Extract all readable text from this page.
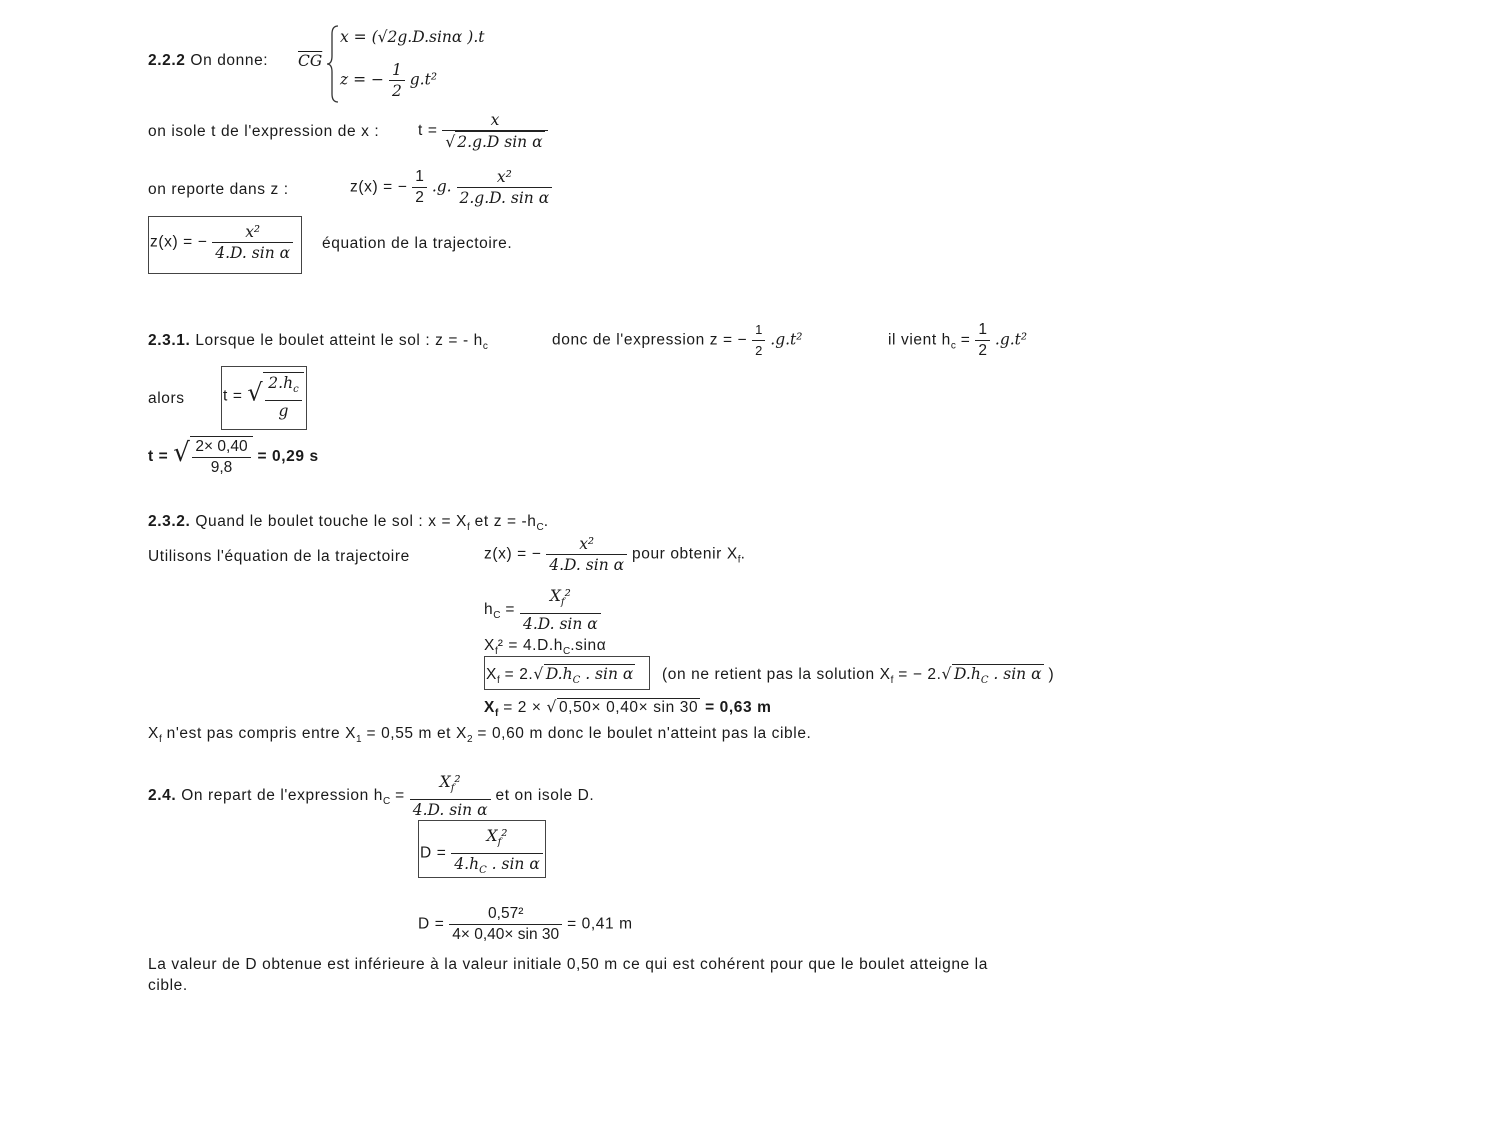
2.2.2 On donne: $\overline{CG}$
x = (√2g.D.sinα ).t
z = − $\frac{1}{2} g.t^2$
on isole t de l'expression de x : $t = \frac{x}{\text{√ 2.g.D sin α}}$
on reporte dans z :	z(x) = − $\frac{1}{2} .g$. $\frac{\text{x²}}{\text{2.g.D. sin α}}$
z(x) = − $\frac{\text{x²}}{\text{4.D. sin α}}$ équation de la trajectoire.
2.3.1. Lorsque le boulet atteint le sol : z = - $h_c$	donc de l'expression z = − $\frac{1}{2} .g.t^2$	il vient $h_c = \frac{1}{2} .g.t^2$
alors t = √ $\frac{2.h_c}{g}$
t = √ $\frac{2\times 0,40}{9,8} = 0,29$ s
2.3.2. Quand le boulet touche le sol : $x = X_f$ et $z = -h_C$.
Utilisons l'équation de la trajectoire	z(x) = − $\frac{\text{x²}}{\text{4.D. sin α}}$ pour obtenir $X_f$.
$h_C = \frac{X_f^2}{\text{4.D. sin α}}$
$X_f^2 = 4.D.h_C.\sin\alpha$
$X_f = 2.√$ $D.h_C$ . sin α (on ne retient pas la solution $X_f$ = − 2.√ $D.h_C$ . sin α )
$X_f = 2$ × √ 0,50× 0,40× sin 30 = 0,63 m
$X_f$ n'est pas compris entre $X_1 = 0,55$ m et $X_2 = 0,60$ m donc le boulet n'atteint pas la cible.
2.4. On repart de l'expression $h_C = \frac{X_f^2}{\text{4.D. sin α}}$ et on isole D.
$D = \frac{X_f^2}{4.h_C . \sin \alpha}$
$D = \frac{\text{0,57²}}{4\times 0,40\times \sin 30} = 0,41$ m
La valeur de D obtenue est inférieure à la valeur initiale 0,50 m ce qui est cohérent pour que le boulet atteigne la
cible.
